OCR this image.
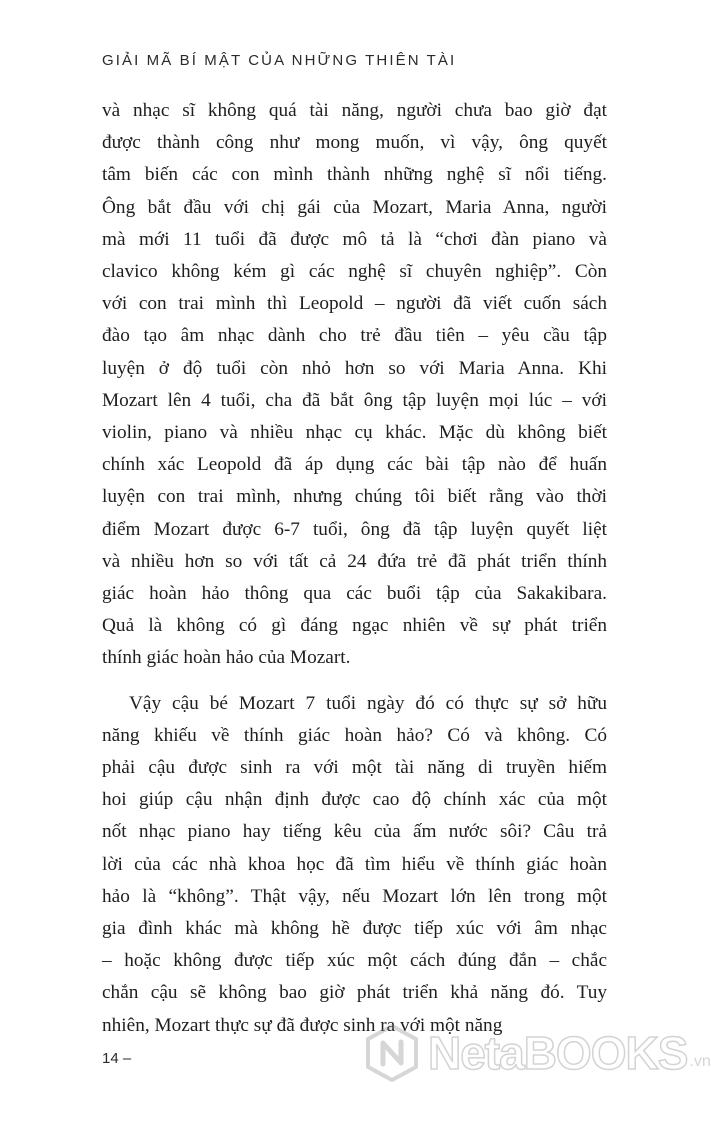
GIẢI MÃ BÍ MẬT CỦA NHỮNG THIÊN TÀI

và nhạc sĩ không quá tài năng, người chưa bao giờ đạt
được thành công như mong muốn, vì vậy, ông quyết
tâm biến các con mình thành những nghệ sĩ nổi tiếng.
Ông bắt đầu với chị gái của Mozart, Maria Anna, người
mà mới 11 tuổi đã được mô tả là “chơi đàn piano và
clavico không kém gì các nghệ sĩ chuyên nghiệp”. Còn
với con trai mình thì Leopold – người đã viết cuốn sách
đào tạo âm nhạc dành cho trẻ đầu tiên – yêu cầu tập
luyện ở độ tuổi còn nhỏ hơn so với Maria Anna. Khi
Mozart lên 4 tuổi, cha đã bắt ông tập luyện mọi lúc – với
violin, piano và nhiều nhạc cụ khác. Mặc dù không biết
chính xác Leopold đã áp dụng các bài tập nào để huấn
luyện con trai mình, nhưng chúng tôi biết rằng vào thời
điểm Mozart được 6-7 tuổi, ông đã tập luyện quyết liệt
và nhiều hơn so với tất cả 24 đứa trẻ đã phát triển thính
giác hoàn hảo thông qua các buổi tập của Sakakibara.
Quả là không có gì đáng ngạc nhiên về sự phát triển
thính giác hoàn hảo của Mozart.

Vậy cậu bé Mozart 7 tuổi ngày đó có thực sự sở hữu
năng khiếu về thính giác hoàn hảo? Có và không. Có
phải cậu được sinh ra với một tài năng di truyền hiếm
hoi giúp cậu nhận định được cao độ chính xác của một
nốt nhạc piano hay tiếng kêu của ấm nước sôi? Câu trả
lời của các nhà khoa học đã tìm hiểu về thính giác hoàn
hảo là “không”. Thật vậy, nếu Mozart lớn lên trong một
gia đình khác mà không hề được tiếp xúc với âm nhạc
– hoặc không được tiếp xúc một cách đúng đắn – chắc
chắn cậu sẽ không bao giờ phát triển khả năng đó. Tuy
nhiên, Mozart thực sự đã được sinh ra với một năng

14 –	NetaBOOKS .vn
